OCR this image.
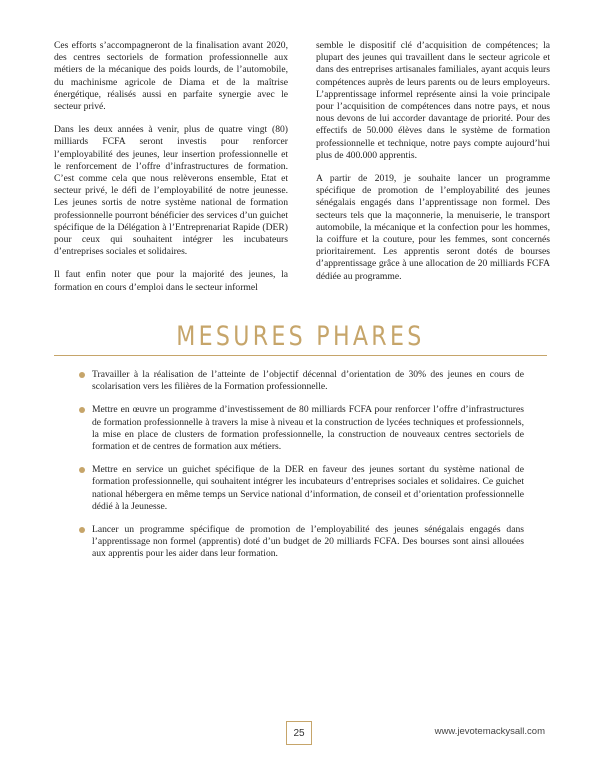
Ces efforts s’accompagneront de la finalisation avant 2020, des centres sectoriels de formation professionnelle aux métiers de la mécanique des poids lourds, de l’automobile, du machinisme agricole de Diama et de la maîtrise énergétique, réalisés aussi en parfaite synergie avec le secteur privé.

Dans les deux années à venir, plus de quatre vingt (80) milliards FCFA seront investis pour renforcer l’employabilité des jeunes, leur insertion professionnelle et le renforcement de l’offre d’infrastructures de formation. C’est comme cela que nous relèverons ensemble, Etat et secteur privé, le défi de l’employabilité de notre jeunesse. Les jeunes sortis de notre système national de formation professionnelle pourront bénéficier des services d’un guichet spécifique de la Délégation à l’Entreprenariat Rapide (DER) pour ceux qui souhaitent intégrer les incubateurs d’entreprises sociales et solidaires.

Il faut enfin noter que pour la majorité des jeunes, la formation en cours d’emploi dans le secteur informel

semble le dispositif clé d’acquisition de compétences; la plupart des jeunes qui travaillent dans le secteur agricole et dans des entreprises artisanales familiales, ayant acquis leurs compétences auprès de leurs parents ou de leurs employeurs. L’apprentissage informel représente ainsi la voie principale pour l’acquisition de compétences dans notre pays, et nous nous devons de lui accorder davantage de priorité. Pour des effectifs de 50.000 élèves dans le système de formation professionnelle et technique, notre pays compte aujourd’hui plus de 400.000 apprentis.

A partir de 2019, je souhaite lancer un programme spécifique de promotion de l’employabilité des jeunes sénégalais engagés dans l’apprentissage non formel. Des secteurs tels que la maçonnerie, la menuiserie, le transport automobile, la mécanique et la confection pour les hommes, la coiffure et la couture, pour les femmes, sont concernés prioritairement. Les apprentis seront dotés de bourses d’apprentissage grâce à une allocation de 20 milliards FCFA dédiée au programme.

MESURES PHARES
Travailler à la réalisation de l’atteinte de l’objectif décennal d’orientation de 30% des jeunes en cours de scolarisation vers les filières de la Formation professionnelle.
Mettre en œuvre un programme d’investissement de 80 milliards FCFA pour renforcer l’offre d’infrastructures de formation professionnelle à travers la mise à niveau et la construction de lycées techniques et professionnels, la mise en place de clusters de formation professionnelle, la construction de nouveaux centres sectoriels de formation et de centres de formation aux métiers.
Mettre en service un guichet spécifique de la DER en faveur des jeunes sortant du système national de formation professionnelle, qui souhaitent intégrer les incubateurs d’entreprises sociales et solidaires. Ce guichet national hébergera en même temps un Service national d’information, de conseil et d’orientation professionnelle dédié à la Jeunesse.
Lancer un programme spécifique de promotion de l’employabilité des jeunes sénégalais engagés dans l’apprentissage non formel (apprentis) doté d’un budget de 20 milliards FCFA. Des bourses sont ainsi allouées aux apprentis pour les aider dans leur formation.
25	www.jevotemackysall.com
